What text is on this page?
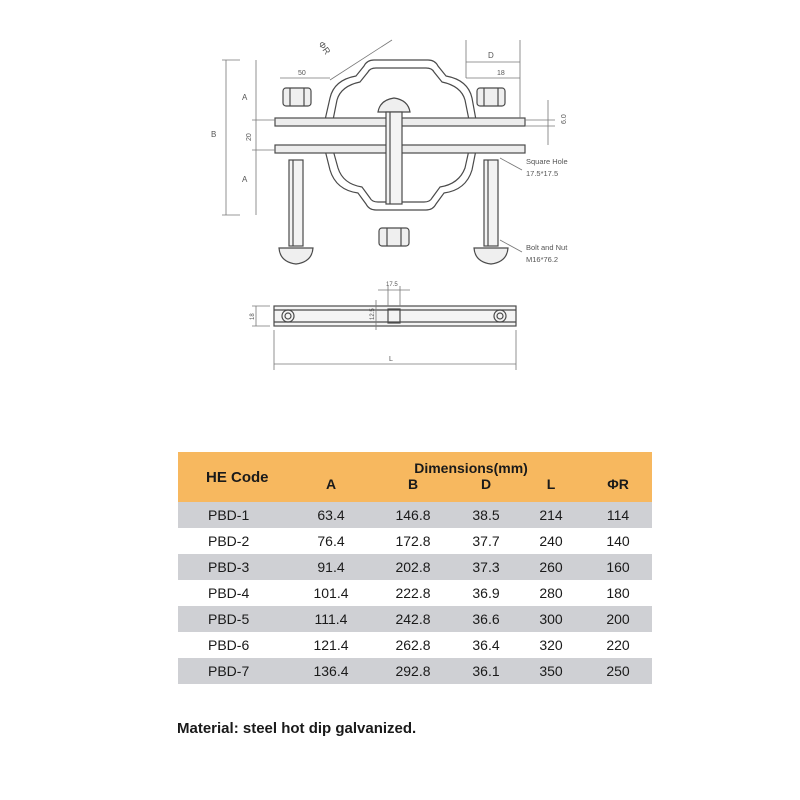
ΦR	D
18
50
A
B	20
A
6.0
Square Hole
17.5*17.5
Bolt and Nut
M16*76.2
17.5
18	12.5
L
HE Code	Dimensions(mm)				
	A	B	D	L	ΦR
PBD-1	63.4	146.8	38.5	214	114
PBD-2	76.4	172.8	37.7	240	140
PBD-3	91.4	202.8	37.3	260	160
PBD-4	101.4	222.8	36.9	280	180
PBD-5	111.4	242.8	36.6	300	200
PBD-6	121.4	262.8	36.4	320	220
PBD-7	136.4	292.8	36.1	350	250
Material: steel hot dip galvanized.
